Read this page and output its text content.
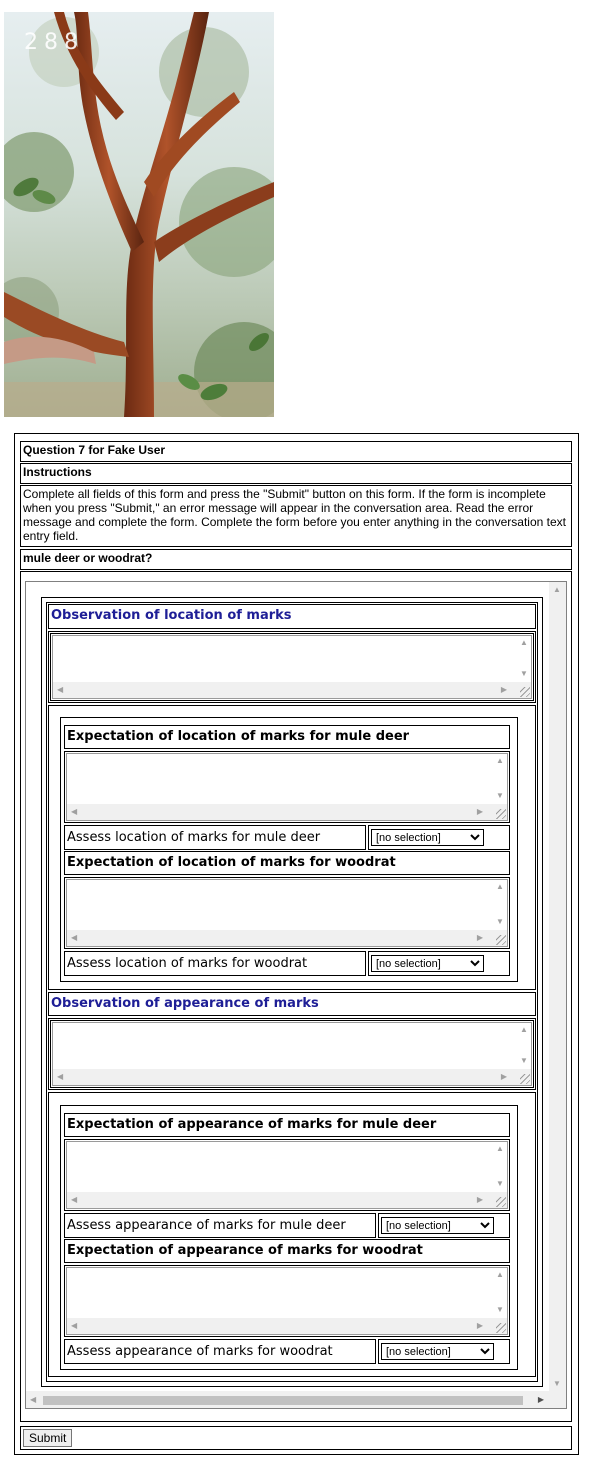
288
Question 7 for Fake User
Instructions
Complete all fields of this form and press the "Submit" button on this form. If the form is incomplete when you press "Submit," an error message will appear in the conversation area. Read the error message and complete the form. Complete the form before you enter anything in the conversation text entry field.
mule deer or woodrat?
Observation of location of marks
▲
▼
◀	▶
Expectation of location of marks for mule deer
▲
▼
◀	▶
Assess location of marks for mule deer
[no selection]
Expectation of location of marks for woodrat
▲
▼
◀	▶
Assess location of marks for woodrat
[no selection]
Observation of appearance of marks
▲
▼
◀	▶
Expectation of appearance of marks for mule deer
▲
▼
◀	▶
Assess appearance of marks for mule deer
[no selection]
Expectation of appearance of marks for woodrat
▲
▼
◀	▶
Assess appearance of marks for woodrat
[no selection]
▲
▼
◀	▶
Submit
